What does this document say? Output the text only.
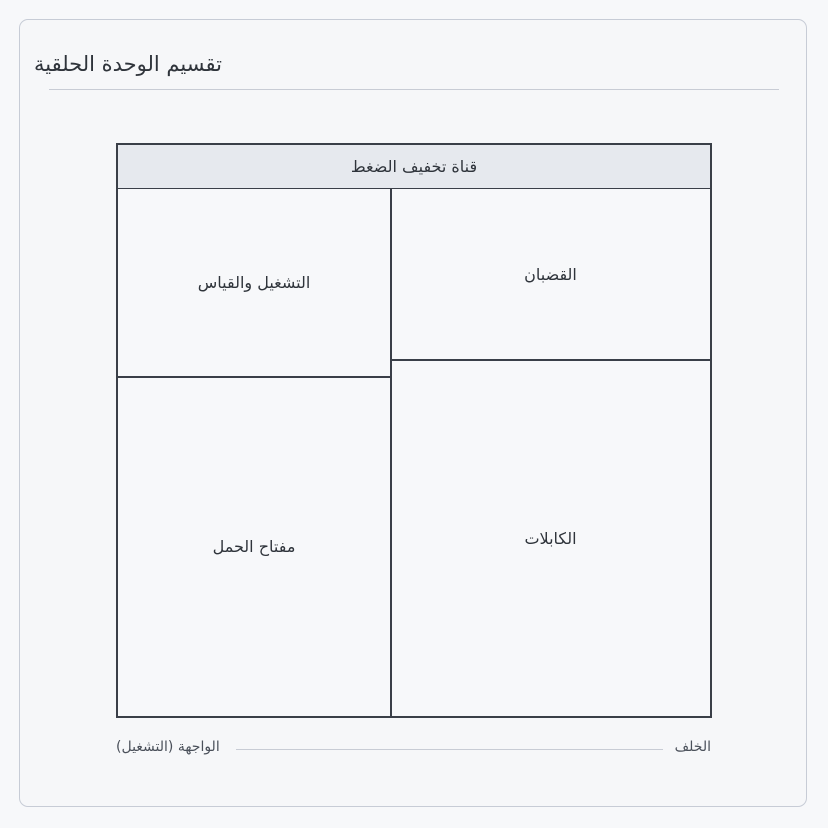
تقسيم الوحدة الحلقية
قناة تخفيف الضغط
التشغيل والقياس	القضبان
مفتاح الحمل	الكابلات
الواجهة (التشغيل)	الخلف
